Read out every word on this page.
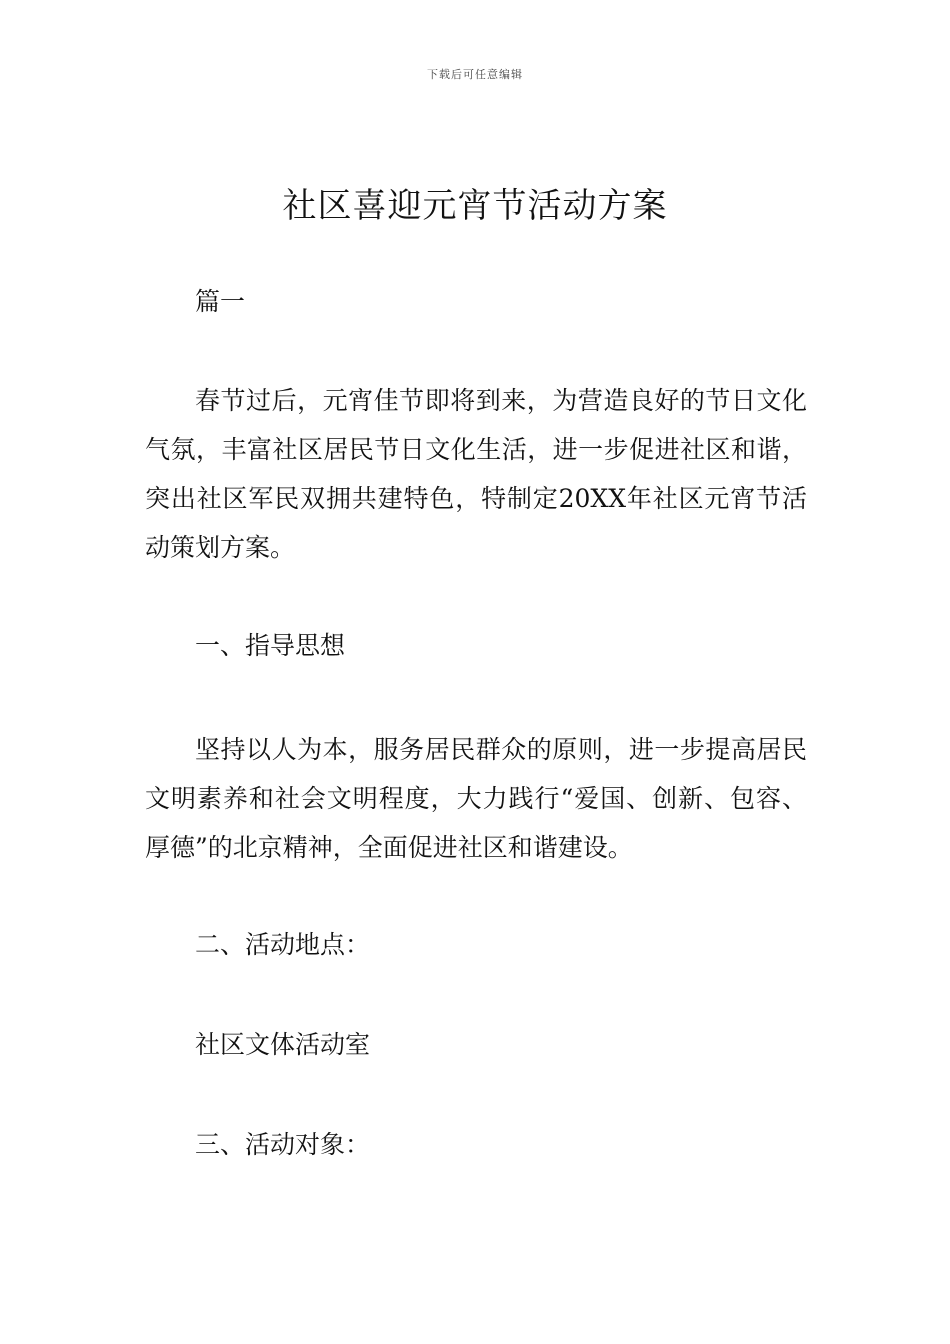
下载后可任意编辑
社区喜迎元宵节活动方案

篇一

春节过后，元宵佳节即将到来，为营造良好的节日文化气氛，丰富社区居民节日文化生活，进一步促进社区和谐，突出社区军民双拥共建特色，特制定20XX年社区元宵节活动策划方案。

一、指导思想

坚持以人为本，服务居民群众的原则，进一步提高居民文明素养和社会文明程度，大力践行“爱国、创新、包容、厚德”的北京精神，全面促进社区和谐建设。

二、活动地点：

社区文体活动室

三、活动对象：
